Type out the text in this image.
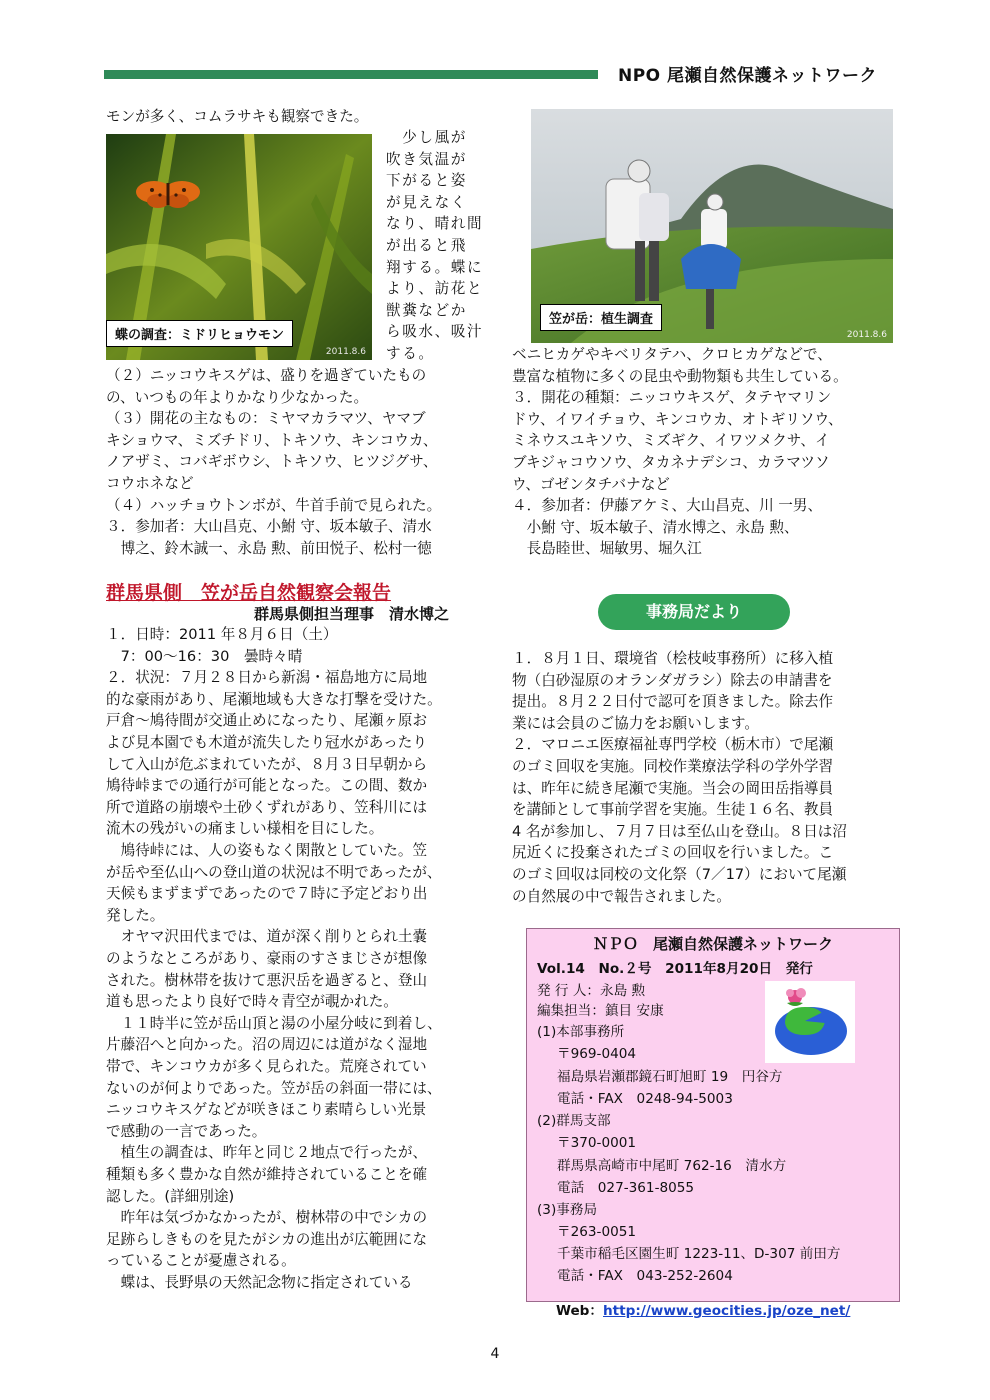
NPO 尾瀬自然保護ネットワーク
モンが多く、コムラサキも観察できた。
2011.8.6
蝶の調査：ミドリヒョウモン
　少し風が
吹き気温が
下がると姿
が見えなく
なり、晴れ間
が出ると飛
翔する。蝶に
より、訪花と
獣糞などか
ら吸水、吸汁
する。
（２）ニッコウキスゲは、盛りを過ぎていたもの
の、いつもの年よりかなり少なかった。
（３）開花の主なもの：ミヤマカラマツ、ヤマブ
キショウマ、ミズチドリ、トキソウ、キンコウカ、
ノアザミ、コバギボウシ、トキソウ、ヒツジグサ、
コウホネなど
（４）ハッチョウトンボが、牛首手前で見られた。
３．参加者：大山昌克、小鮒 守、坂本敏子、清水
　博之、鈴木誠一、永島 勲、前田悦子、松村一徳
群馬県側　笠が岳自然観察会報告
群馬県側担当理事　清水博之
１．日時：2011 年８月６日（土）
　7：00～16：30　曇時々晴
２．状況：７月２８日から新潟・福島地方に局地
的な豪雨があり、尾瀬地域も大きな打撃を受けた。
戸倉～鳩待間が交通止めになったり、尾瀬ヶ原お
よび見本園でも木道が流失したり冠水があったり
して入山が危ぶまれていたが、８月３日早朝から
鳩待峠までの通行が可能となった。この間、数か
所で道路の崩壊や土砂くずれがあり、笠科川には
流木の残がいの痛ましい様相を目にした。
　鳩待峠には、人の姿もなく閑散としていた。笠
が岳や至仏山への登山道の状況は不明であったが、
天候もまずまずであったので７時に予定どおり出
発した。
　オヤマ沢田代までは、道が深く削りとられ土嚢
のようなところがあり、豪雨のすさまじさが想像
された。樹林帯を抜けて悪沢岳を過ぎると、登山
道も思ったより良好で時々青空が覗かれた。
　１１時半に笠が岳山頂と湯の小屋分岐に到着し、
片藤沼へと向かった。沼の周辺には道がなく湿地
帯で、キンコウカが多く見られた。荒廃されてい
ないのが何よりであった。笠が岳の斜面一帯には、
ニッコウキスゲなどが咲きほこり素晴らしい光景
で感動の一言であった。
　植生の調査は、昨年と同じ２地点で行ったが、
種類も多く豊かな自然が維持されていることを確
認した。(詳細別途)
　昨年は気づかなかったが、樹林帯の中でシカの
足跡らしきものを見たがシカの進出が広範囲にな
っていることが憂慮される。
　蝶は、長野県の天然記念物に指定されている
2011.8.6
笠が岳：植生調査
ベニヒカゲやキベリタテハ、クロヒカゲなどで、
豊富な植物に多くの昆虫や動物類も共生している。
３．開花の種類：ニッコウキスゲ、タテヤマリン
ドウ、イワイチョウ、キンコウカ、オトギリソウ、
ミネウスユキソウ、ミズギク、イワツメクサ、イ
ブキジャコウソウ、タカネナデシコ、カラマツソ
ウ、ゴゼンタチバナなど
４．参加者：伊藤アケミ、大山昌克、川 一男、
　小鮒 守、坂本敏子、清水博之、永島 勲、
　長島睦世、堀敏男、堀久江
事務局だより
１．８月１日、環境省（桧枝岐事務所）に移入植
物（白砂湿原のオランダガラシ）除去の申請書を
提出。８月２２日付で認可を頂きました。除去作
業には会員のご協力をお願いします。
２．マロニエ医療福祉専門学校（栃木市）で尾瀬
のゴミ回収を実施。同校作業療法学科の学外学習
は、昨年に続き尾瀬で実施。当会の岡田岳指導員
を講師として事前学習を実施。生徒１６名、教員
4 名が参加し、７月７日は至仏山を登山。８日は沼
尻近くに投棄されたゴミの回収を行いました。こ
のゴミ回収は同校の文化祭（7／17）において尾瀬
の自然展の中で報告されました。
ＮＰＯ　尾瀬自然保護ネットワーク
Vol.14　No.２号　2011年8月20日　発行
発 行 人：永島 勲
編集担当：鎮目 安康
(1)本部事務所
〒969-0404
福島県岩瀬郡鏡石町旭町 19　円谷方
電話・FAX　0248-94-5003
(2)群馬支部
〒370-0001
群馬県高崎市中尾町 762-16　清水方
電話　027-361-8055
(3)事務局
〒263-0051
千葉市稲毛区園生町 1223-11、D-307 前田方
電話・FAX　043-252-2604

Web：http://www.geocities.jp/oze_net/

4
